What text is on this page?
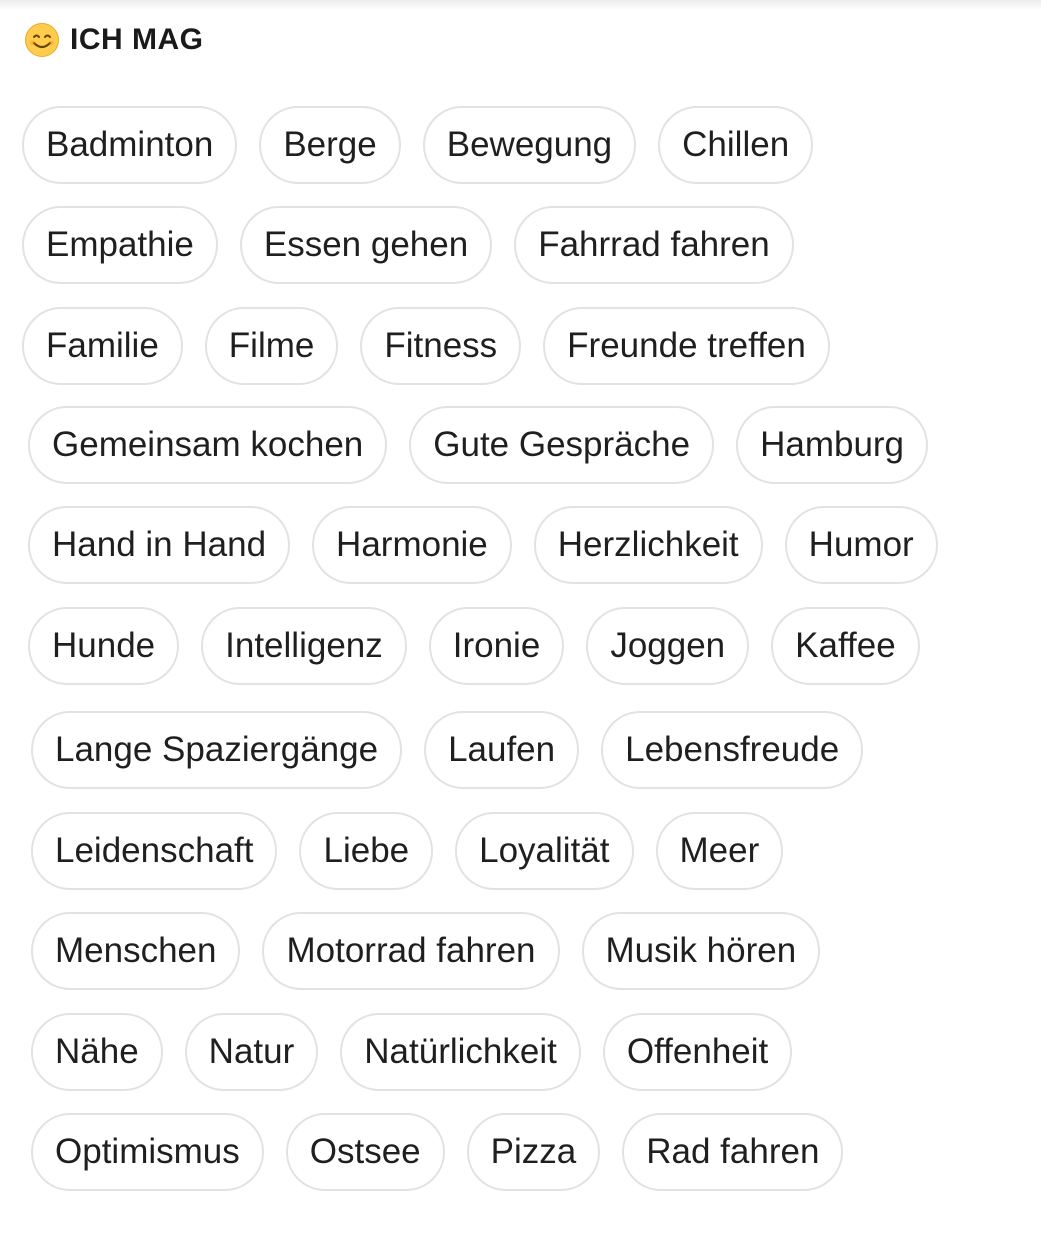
ICH MAG
Badminton	Berge	Bewegung	Chillen
Empathie	Essen gehen	Fahrrad fahren
Familie	Filme	Fitness	Freunde treffen
Gemeinsam kochen	Gute Gespräche	Hamburg
Hand in Hand	Harmonie	Herzlichkeit	Humor
Hunde	Intelligenz	Ironie	Joggen	Kaffee
Lange Spaziergänge	Laufen	Lebensfreude
Leidenschaft	Liebe	Loyalität	Meer
Menschen	Motorrad fahren	Musik hören
Nähe	Natur	Natürlichkeit	Offenheit
Optimismus	Ostsee	Pizza	Rad fahren
